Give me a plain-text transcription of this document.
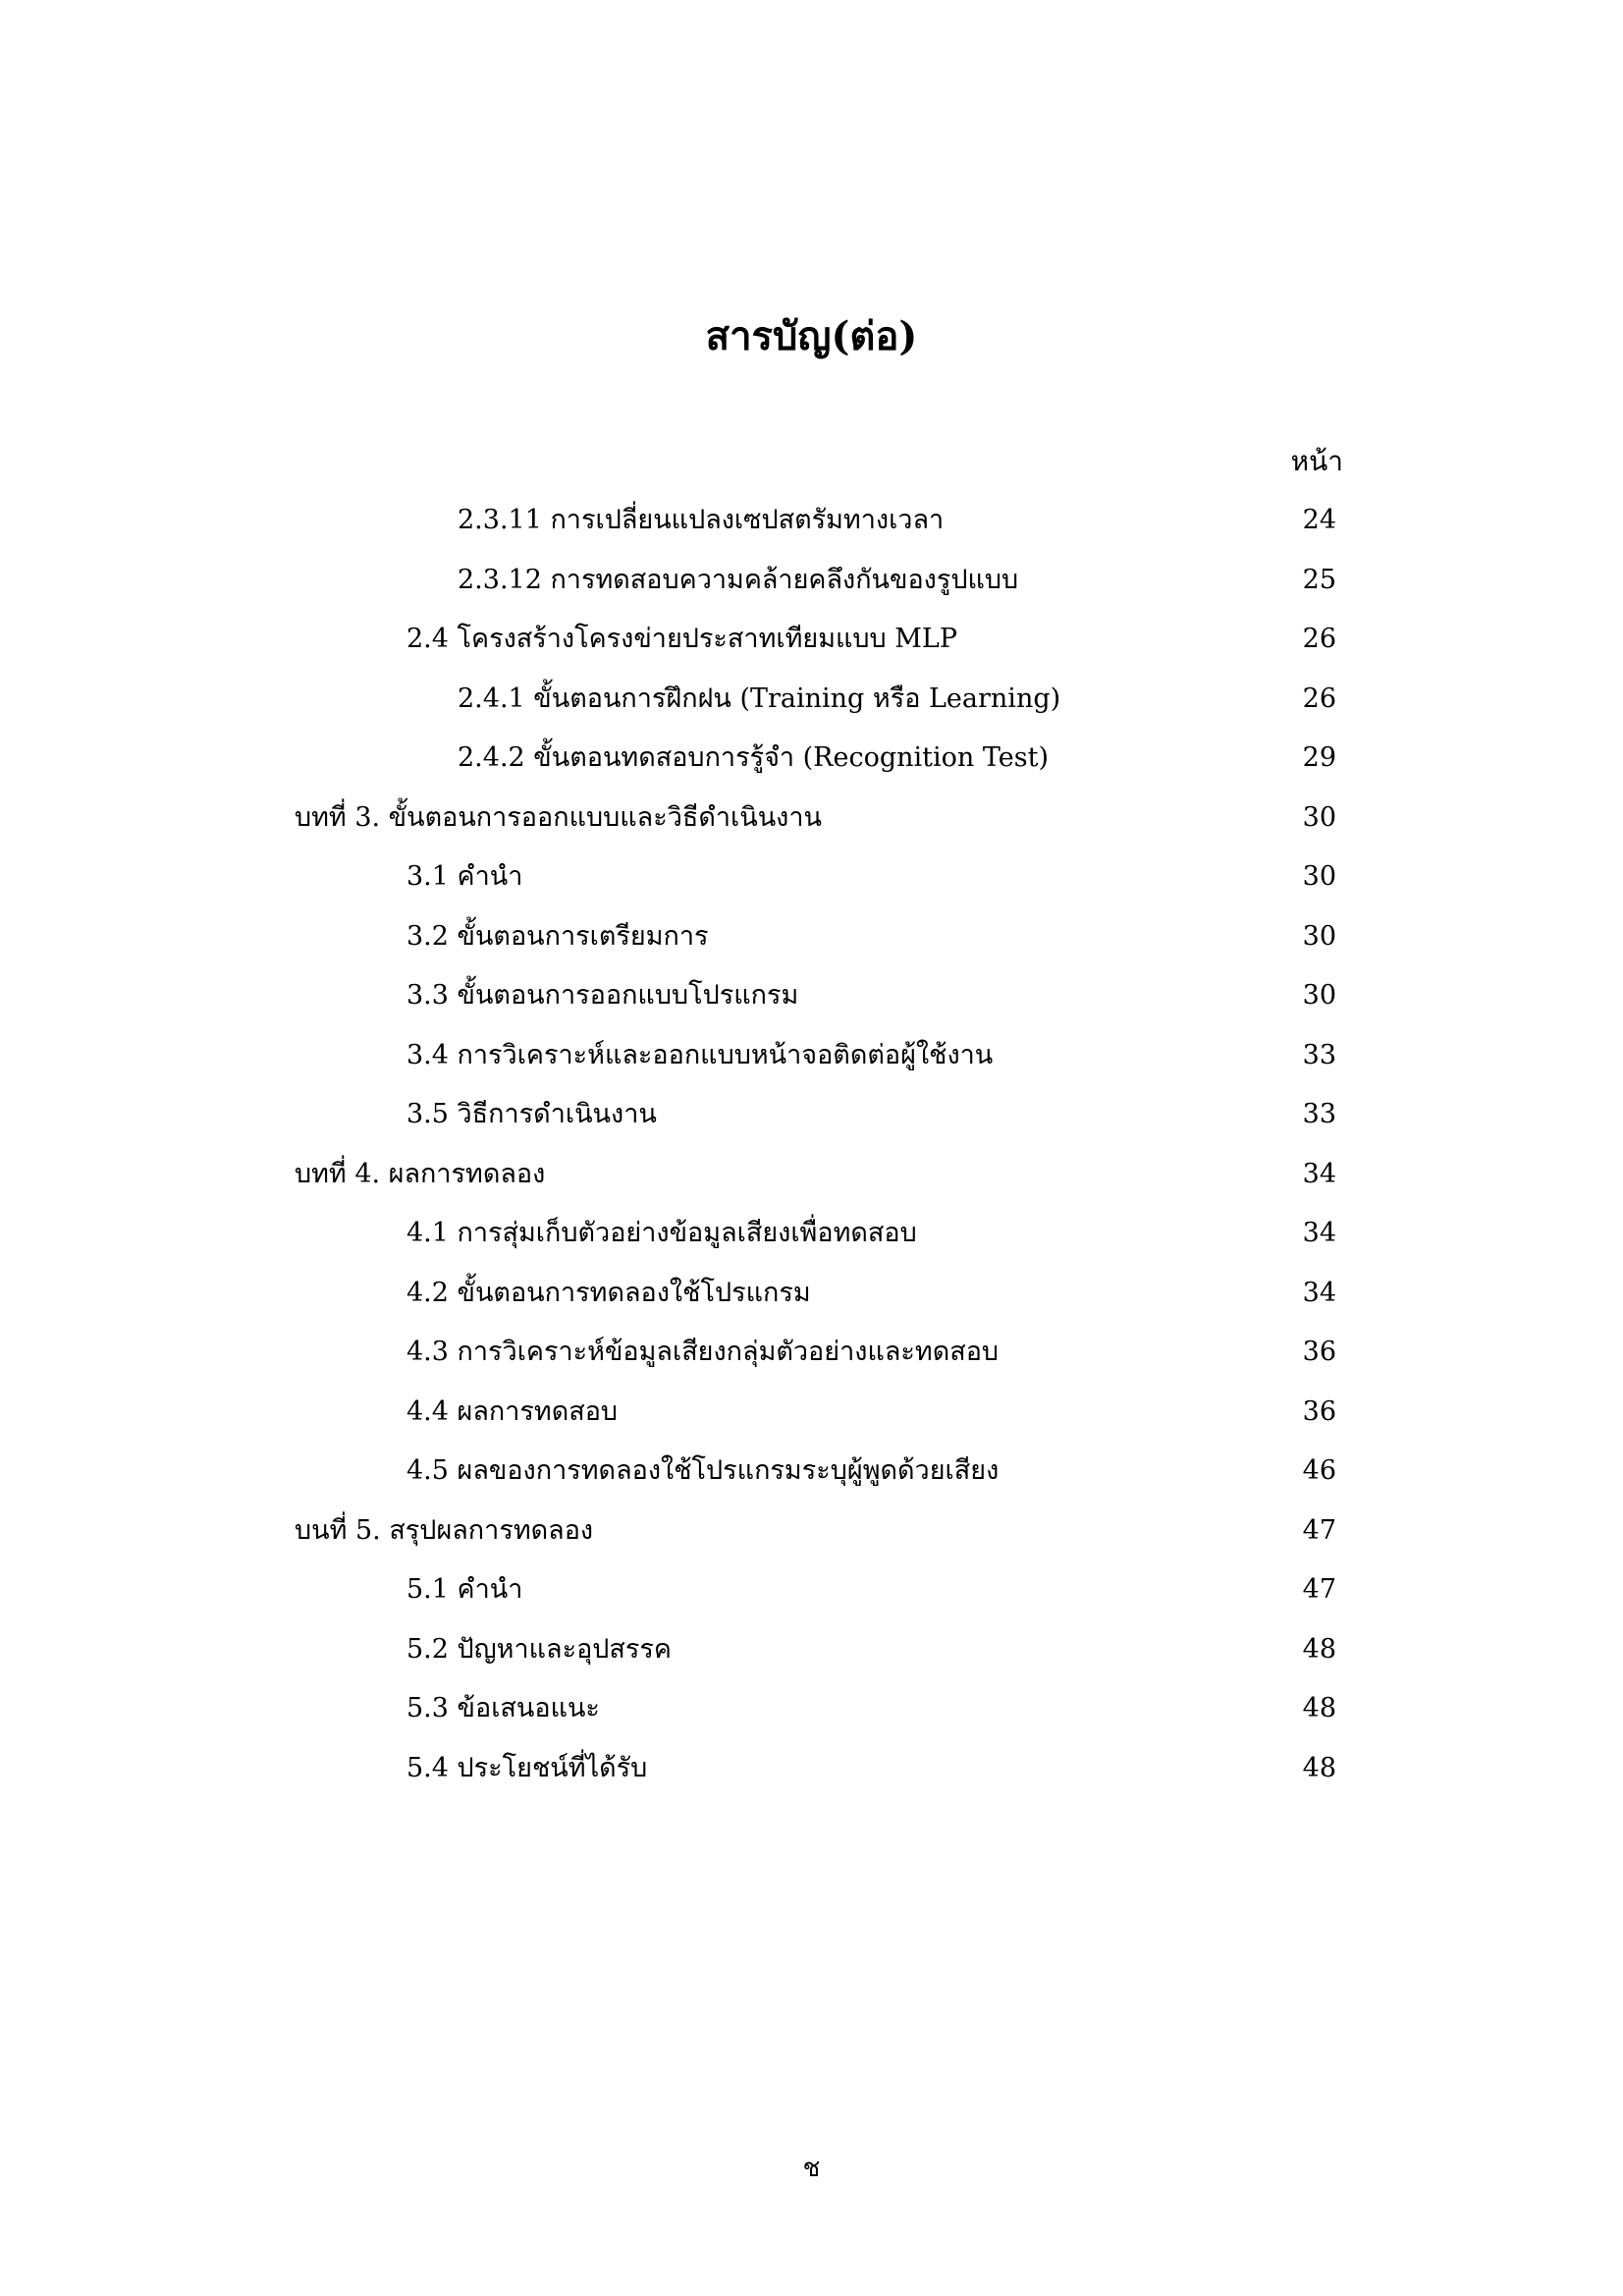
สารบัญ(ต่อ)
หน้า
2.3.11 การเปลี่ยนแปลงเซปสตรัมทางเวลา	24
2.3.12 การทดสอบความคล้ายคลึงกันของรูปแบบ	25
2.4 โครงสร้างโครงข่ายประสาทเทียมแบบ MLP	26
2.4.1 ขั้นตอนการฝึกฝน (Training หรือ Learning)	26
2.4.2 ขั้นตอนทดสอบการรู้จำ (Recognition Test)	29
บทที่ 3. ขั้นตอนการออกแบบและวิธีดำเนินงาน	30
3.1 คำนำ	30
3.2 ขั้นตอนการเตรียมการ	30
3.3 ขั้นตอนการออกแบบโปรแกรม	30
3.4 การวิเคราะห์และออกแบบหน้าจอติดต่อผู้ใช้งาน	33
3.5 วิธีการดำเนินงาน	33
บทที่ 4. ผลการทดลอง	34
4.1 การสุ่มเก็บตัวอย่างข้อมูลเสียงเพื่อทดสอบ	34
4.2 ขั้นตอนการทดลองใช้โปรแกรม	34
4.3 การวิเคราะห์ข้อมูลเสียงกลุ่มตัวอย่างและทดสอบ	36
4.4 ผลการทดสอบ	36
4.5 ผลของการทดลองใช้โปรแกรมระบุผู้พูดด้วยเสียง	46
บนที่ 5. สรุปผลการทดลอง	47
5.1 คำนำ	47
5.2 ปัญหาและอุปสรรค	48
5.3 ข้อเสนอแนะ	48
5.4 ประโยชน์ที่ได้รับ	48
ช
